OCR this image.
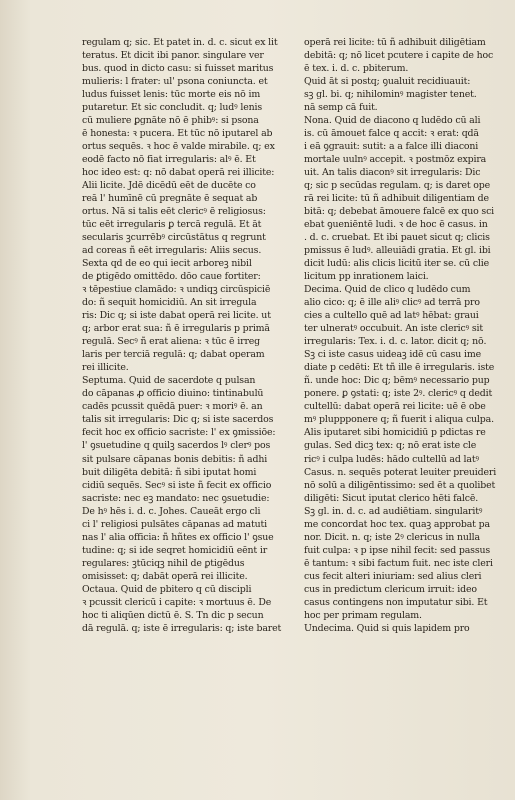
regulam q; sic. Et patet in. d. c. sicut ex lit
teratus. Et dicit ibi panor. singulare ver
bus. quod in dicto casu: si fuisset maritus
mulieris: l frater: ul' psona coniuncta. et
ludus fuisset lenis: tūc morte eis nō im
putaretur. Et sic concludit. q; ludꝰ lenis
cū muliere ꝑgnāte nō ē phibꝰ: si psona
ē honesta: ꝛ pucera. Et tūc nō iputarel ab
ortus sequēs. ꝛ hoc ē valde mirabile. q; ex
eodē facto nō fiat irregularis: alꝰ ē. Et
hoc ideo est: q: nō dabat operā rei illicite:
Alii licite. Jdē dicēdū eēt de ducēte co
reā l' humīnē cū pregnāte ē sequat ab
ortus. Nā si talis eēt clericꝰ ē religiosus:
tūc eēt irregularis ꝑ tercā regulā. Et āt
secularis ꝫcurrēbꝰ circūstātus q regrunt
ad coreas ñ eēt irregularis: Aliis secus.
Sexta qd de eo qui iecit arboreꝫ nibil
de ꝑtigēdo omittēdo. dōo caue fortiter:
ꝛ tēpestiue clamādo: ꝛ undiqꝫ circūspiciē
do: ñ sequit homicidiū. An sit irregula
ris: Dic q; si iste dabat operā rei licite. ut
q; arbor erat sua: ñ ē irregularis p primā
regulā. Secꝰ ñ erat aliena: ꝛ tūc ē irreg
laris per terciā regulā: q; dabat operam
rei illicite.
Septuma. Quid de sacerdote q pulsan
do cāpanas ꝓ officio diuino: tintinabulū
cadēs pcussit quēdā puer: ꝛ moriꝰ ē. an
talis sit irregularis: Dic q; si iste sacerdos
fecit hoc ex officio sacriste: l' ex ꝯmissiōe:
l' ꝯsuetudine q quilꝫ sacerdos lꝰ clerꝰ pos
sit pulsare cāpanas bonis debitis: ñ adhi
buit diligēta debitā: ñ sibi iputat homi
cidiū sequēs. Secꝰ si iste ñ fecit ex officio
sacriste: nec eꝫ mandato: nec ꝯsuetudie:
De hꝰ hēs i. d. c. Johes. Caueāt ergo cli
ci l' religiosi pulsātes cāpanas ad matuti
nas l' alia officia: ñ hñtes ex officio l' ꝯsue
tudine: q; si ide seqret homicidiū eēnt ir
regulares: ꝫtūciqꝫ nihil de ꝑtigēdus
omisisset: q; dabāt operā rei illicite.
Octaua. Quid de pbitero q cū discipli
ꝛ pcussit clericū i capite: ꝛ mortuus ē. De
hoc ti aliqūen dictū ē. S. Tn dic p secun
dā regulā. q; iste ē irregularis: q; iste baret
operā rei licite: tū ñ adhibuit diligētiam
debitā: q; nō licet pcutere i capite de hoc
ē tex. i. d. c. pbiterum.
Quid āt si postq; ꝯualuit recidiuauit:
sꝫ gl. bi. q; nihilominꝰ magister tenet.
nā semp cā fuit.
Nona. Quid de diacono q ludēdo cū ali
is. cū āmouet falce q accit: ꝛ erat: qdā
i eā ꝯgrauit: sutit: a a falce illi diaconi
mortale uulnꝰ accepit. ꝛ postmōz expira
uit. An talis diaconꝰ sit irregularis: Dic
q; sic p secūdas regulam. q; is daret ope
rā rei licite: tū ñ adhibuit diligentiam de
bitā: q; debebat āmouere falcē ex quo sci
ebat ꝯueniēntē ludi. ꝛ de hoc ē casus. in
. d. c. cruebat. Et ibi pauet sicut q; clicis
pmissus ē ludꝰ. alleuiādi gratia. Et gl. ibi
dicit ludū: alis clicis licitū iter se. cū clie
licitum pp inrationem laici.
Decima. Quid de clico q ludēdo cum
alio cico: q; ē ille aliꝰ clicꝰ ad terrā pro
cies a cultello quē ad latꝰ hēbat: graui
ter ulneratꝰ occubuit. An iste clericꝰ sit
irregularis: Tex. i. d. c. lator. dicit q; nō.
Sꝫ ci iste casus uideaꝫ idē cū casu ime
diate p cedēti: Et tñ ille ē irregularis. iste
ñ. unde hoc: Dic q; bēmꝰ necessario pup
ponere. ꝑ ꝯstati: q; iste 2ꝰ. clericꝰ q dedit
cultellū: dabat operā rei licite: uē ē obe
mꝰ pluppponere q; ñ fuerit i aliqua culpa.
Alis iputaret sibi homicidiū p pdictas re
gulas. Sed dicꝫ tex: q; nō erat iste cle
ricꝰ i culpa ludēs: hādo cultellū ad latꝰ
Casus. n. sequēs poterat leuiter preuideri
nō solū a diligēntissimo: sed ēt a quolibet
diligēti: Sicut iputat clerico hēti falcē.
Sꝫ gl. in. d. c. ad audiētiam. singularitꝰ
me concordat hoc tex. quaꝫ approbat pa
nor. Dicit. n. q; iste 2ꝰ clericus in nulla
fuit culpa: ꝛ p ipse nihil fecit: sed passus
ē tantum: ꝛ sibi factum fuit. nec iste cleri
cus fecit alteri iniuriam: sed alius cleri
cus in predictum clericum irruit: ideo
casus contingens non imputatur sibi. Et
hoc per primam regulam.
Undecima. Quid si quis lapidem pro
